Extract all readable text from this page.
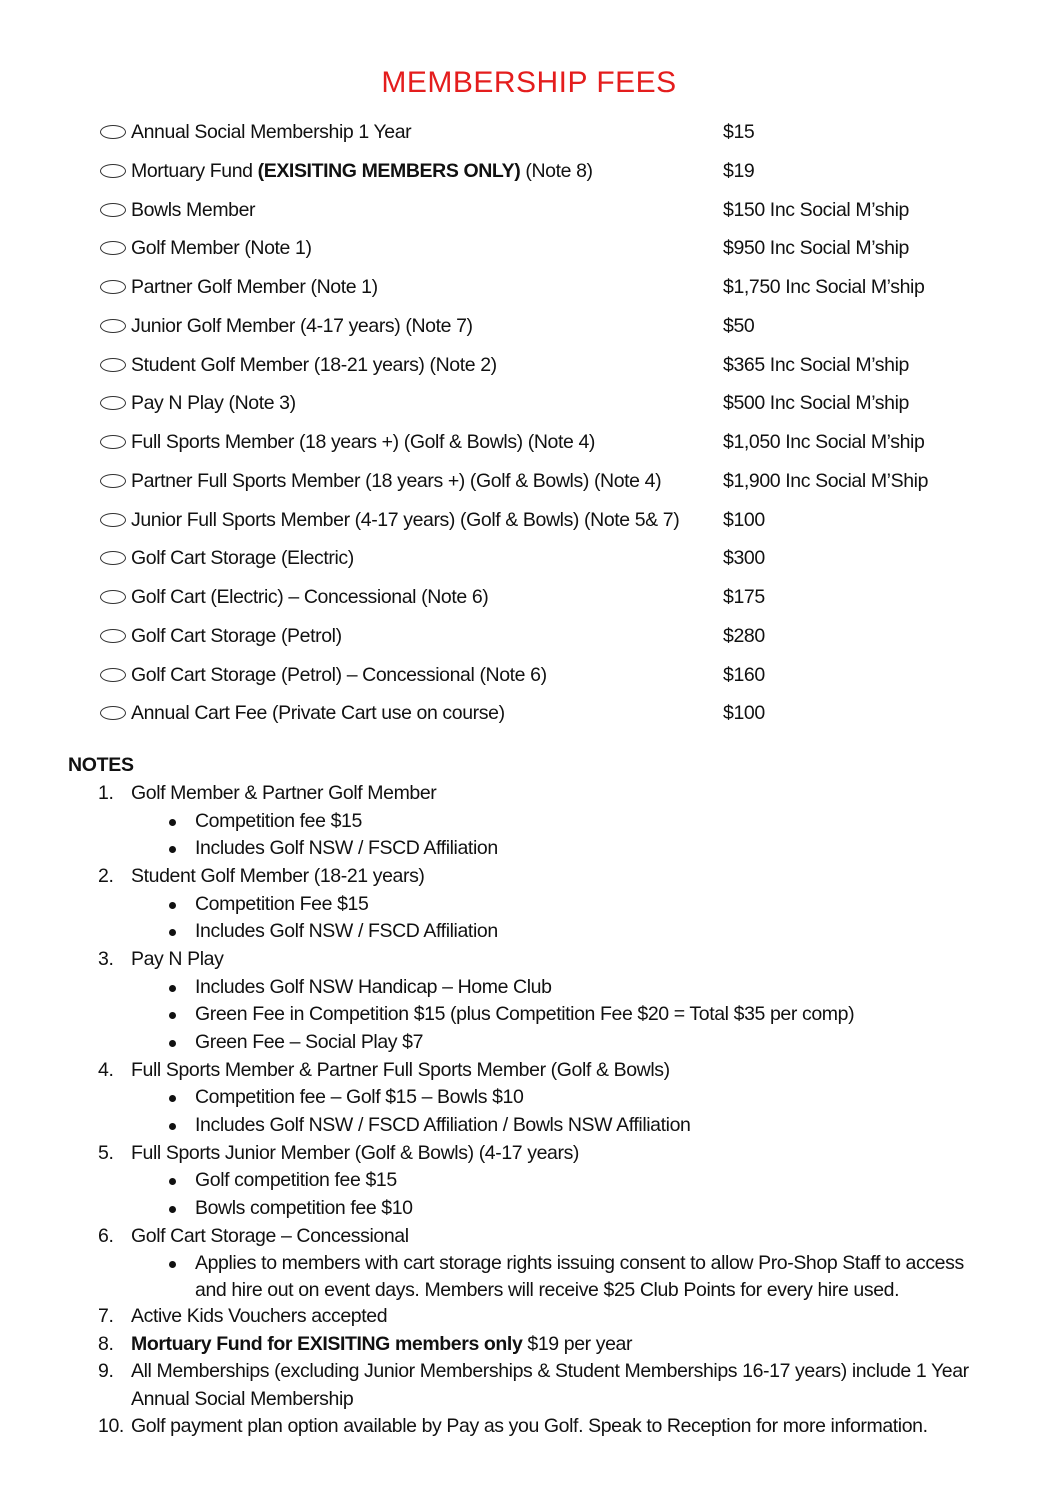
MEMBERSHIP FEES
Annual Social Membership 1 Year	$15
Mortuary Fund (EXISITING MEMBERS ONLY) (Note 8)	$19
Bowls Member	$150 Inc Social M’ship
Golf Member (Note 1)	$950 Inc Social M’ship
Partner Golf Member (Note 1)	$1,750 Inc Social M’ship
Junior Golf Member (4-17 years) (Note 7)	$50
Student Golf Member (18-21 years) (Note 2)	$365 Inc Social M’ship
Pay N Play (Note 3)	$500 Inc Social M’ship
Full Sports Member (18 years +) (Golf & Bowls) (Note 4)	$1,050 Inc Social M’ship
Partner Full Sports Member (18 years +) (Golf & Bowls) (Note 4)	$1,900 Inc Social M’Ship
Junior Full Sports Member (4-17 years) (Golf & Bowls) (Note 5& 7) $100
Golf Cart Storage (Electric)	$300
Golf Cart (Electric) – Concessional (Note 6)	$175
Golf Cart Storage (Petrol)	$280
Golf Cart Storage (Petrol) – Concessional (Note 6)	$160
Annual Cart Fee (Private Cart use on course)	$100
NOTES
1. Golf Member & Partner Golf Member
Competition fee $15
Includes Golf NSW / FSCD Affiliation
2. Student Golf Member (18-21 years)
Competition Fee $15
Includes Golf NSW / FSCD Affiliation
3. Pay N Play
Includes Golf NSW Handicap – Home Club
Green Fee in Competition $15 (plus Competition Fee $20 = Total $35 per comp)
Green Fee – Social Play $7
4. Full Sports Member & Partner Full Sports Member (Golf & Bowls)
Competition fee – Golf $15 – Bowls $10
Includes Golf NSW / FSCD Affiliation / Bowls NSW Affiliation
5. Full Sports Junior Member (Golf & Bowls) (4-17 years)
Golf competition fee $15
Bowls competition fee $10
6. Golf Cart Storage – Concessional
Applies to members with cart storage rights issuing consent to allow Pro-Shop Staff to access
and hire out on event days. Members will receive $25 Club Points for every hire used.
7. Active Kids Vouchers accepted
8. Mortuary Fund for EXISITING members only $19 per year
9. All Memberships (excluding Junior Memberships & Student Memberships 16-17 years) include 1 Year
Annual Social Membership
10. Golf payment plan option available by Pay as you Golf. Speak to Reception for more information.
